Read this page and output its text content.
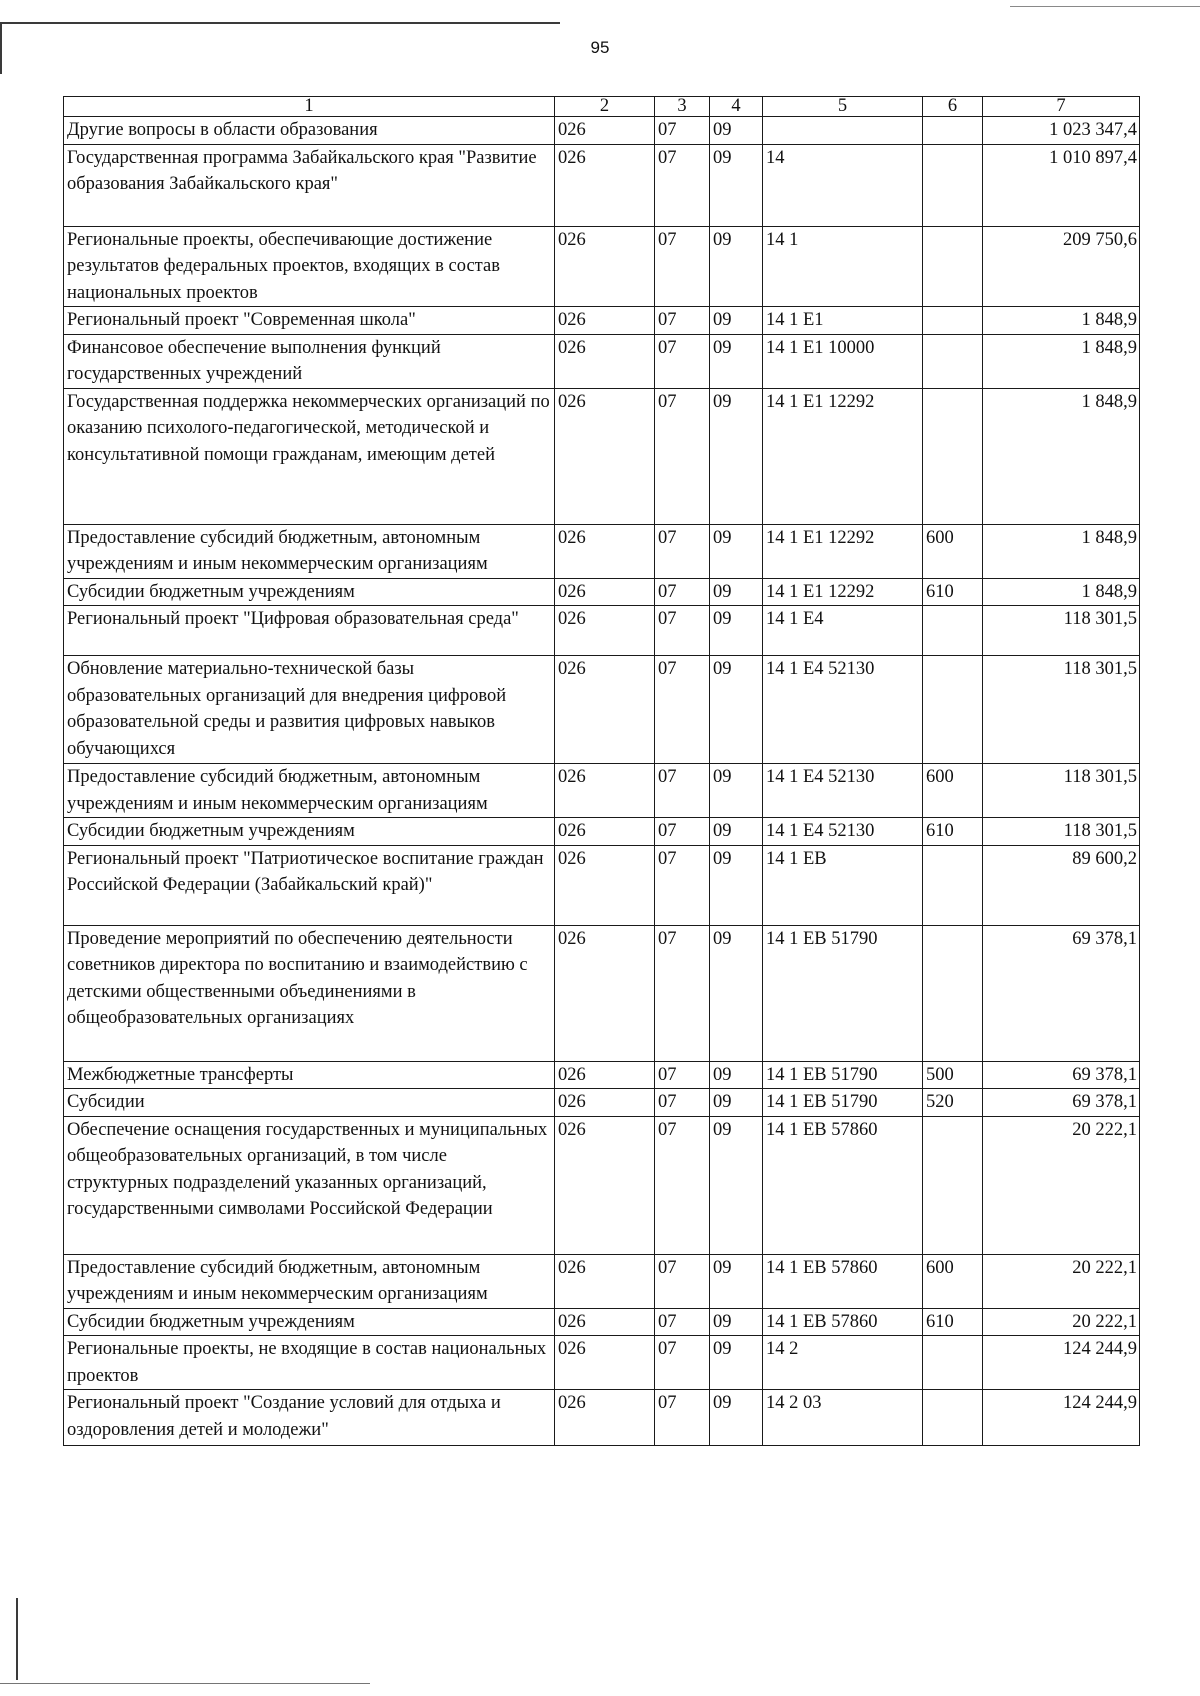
95
1	2	3	4	5	6	7
Другие вопросы в области образования	026	07	09			1 023 347,4
Государственная программа Забайкальского края "Развитие образования Забайкальского края"	026	07	09	14		1 010 897,4
Региональные проекты, обеспечивающие достижение результатов федеральных проектов, входящих в состав национальных проектов	026	07	09	14 1		209 750,6
Региональный проект "Современная школа"	026	07	09	14 1 E1		1 848,9
Финансовое обеспечение выполнения функций государственных учреждений	026	07	09	14 1 E1 10000		1 848,9
Государственная поддержка некоммерческих организаций по оказанию психолого-педагогической, методической и консультативной помощи гражданам, имеющим детей	026	07	09	14 1 E1 12292		1 848,9
Предоставление субсидий бюджетным, автономным учреждениям и иным некоммерческим организациям	026	07	09	14 1 E1 12292	600	1 848,9
Субсидии бюджетным учреждениям	026	07	09	14 1 E1 12292	610	1 848,9
Региональный проект "Цифровая образовательная среда"	026	07	09	14 1 E4		118 301,5
Обновление материально-технической базы образовательных организаций для внедрения цифровой образовательной среды и развития цифровых навыков обучающихся	026	07	09	14 1 E4 52130		118 301,5
Предоставление субсидий бюджетным, автономным учреждениям и иным некоммерческим организациям	026	07	09	14 1 E4 52130	600	118 301,5
Субсидии бюджетным учреждениям	026	07	09	14 1 E4 52130	610	118 301,5
Региональный проект "Патриотическое воспитание граждан Российской Федерации (Забайкальский край)"	026	07	09	14 1 EB		89 600,2
Проведение мероприятий по обеспечению деятельности советников директора по воспитанию и взаимодействию с детскими общественными объединениями в общеобразовательных организациях	026	07	09	14 1 EB 51790		69 378,1
Межбюджетные трансферты	026	07	09	14 1 EB 51790	500	69 378,1
Субсидии	026	07	09	14 1 EB 51790	520	69 378,1
Обеспечение оснащения государственных и муниципальных общеобразовательных организаций, в том числе структурных подразделений указанных организаций, государственными символами Российской Федерации	026	07	09	14 1 EB 57860		20 222,1
Предоставление субсидий бюджетным, автономным учреждениям и иным некоммерческим организациям	026	07	09	14 1 EB 57860	600	20 222,1
Субсидии бюджетным учреждениям	026	07	09	14 1 EB 57860	610	20 222,1
Региональные проекты, не входящие в состав национальных проектов	026	07	09	14 2		124 244,9
Региональный проект "Создание условий для отдыха и оздоровления детей и молодежи"	026	07	09	14 2 03		124 244,9
